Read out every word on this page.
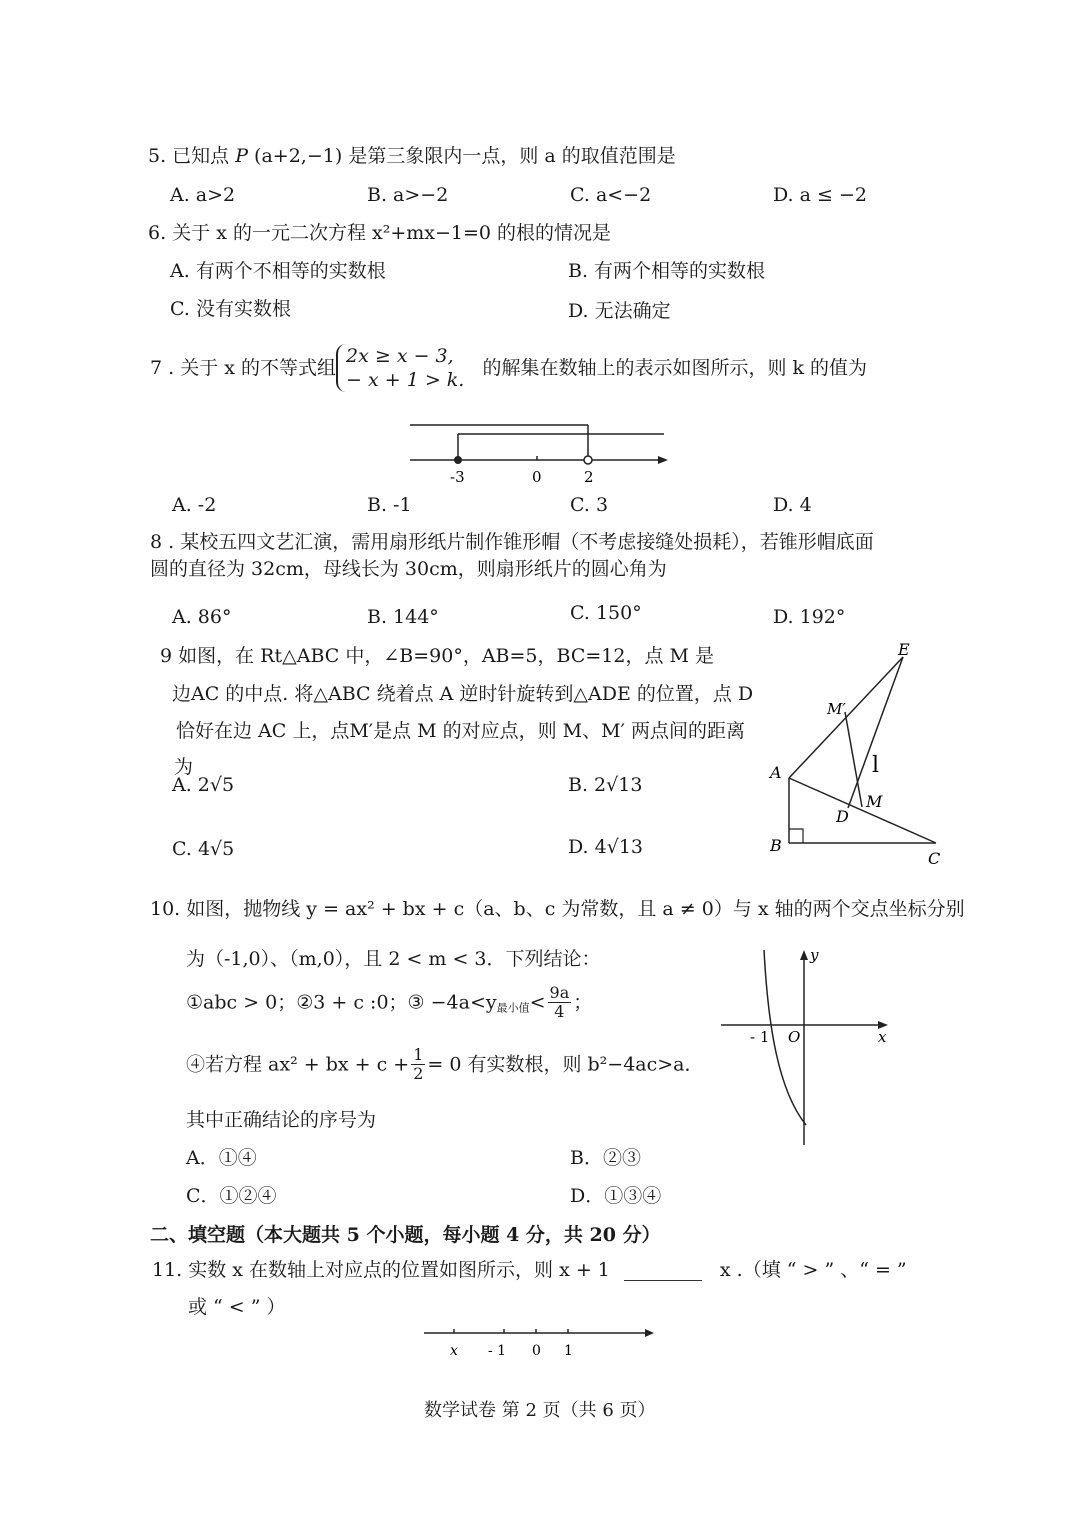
5. 已知点 P (a+2,−1) 是第三象限内一点，则 a 的取值范围是
A. a>2	B. a>−2	C. a<−2	D. a ≤ −2
6. 关于 x 的一元二次方程 x²+mx−1=0 的根的情况是
A. 有两个不相等的实数根	B. 有两个相等的实数根
C. 没有实数根	D. 无法确定
7 . 关于 x 的不等式组2x ≥ x − 3,
− x + 1 > k.  的解集在数轴上的表示如图所示，则 k 的值为
-3	0	2
A. -2	B. -1	C. 3	D. 4
8 . 某校五四文艺汇演，需用扇形纸片制作锥形帽（不考虑接缝处损耗），若锥形帽底面
圆的直径为 32cm，母线长为 30cm，则扇形纸片的圆心角为
A. 86°	B. 144°	C. 150°	D. 192°
9 如图，在 Rt△ABC 中，∠B=90°，AB=5，BC=12，点 M 是
边AC 的中点. 将△ABC 绕着点 A 逆时针旋转到△ADE 的位置，点 D
恰好在边 AC 上，点M′是点 M 的对应点，则 M、M′ 两点间的距离
为
A. 2√5	B. 2√13
C. 4√5	D. 4√13
E
M′
A
M
D
B
C
l
10. 如图，抛物线 y = ax² + bx + c（a、b、c 为常数，且 a ≠ 0）与 x 轴的两个交点坐标分别
为（-1,0）、（m,0），且 2 < m < 3．下列结论：
①abc > 0；②3 + c :0；③ $-4a<y_{最小值}< \frac{9a}{4}$ ；
④若方程 ax² + bx + $c + \frac{1}{2} = 0$ 有实数根，则 b²−4ac>a．
其中正确结论的序号为
A．①④	B．②③
C．①②④	D．①③④
y
x
O
- 1
二、填空题（本大题共 5 个小题，每小题 4 分，共 20 分）
11. 实数 x 在数轴上对应点的位置如图所示，则 x + 1	x .（填 “ > ” 、“ = ”
或 “ < ” ）
x - 1 0 1
数学试卷 第 2 页（共 6 页）
